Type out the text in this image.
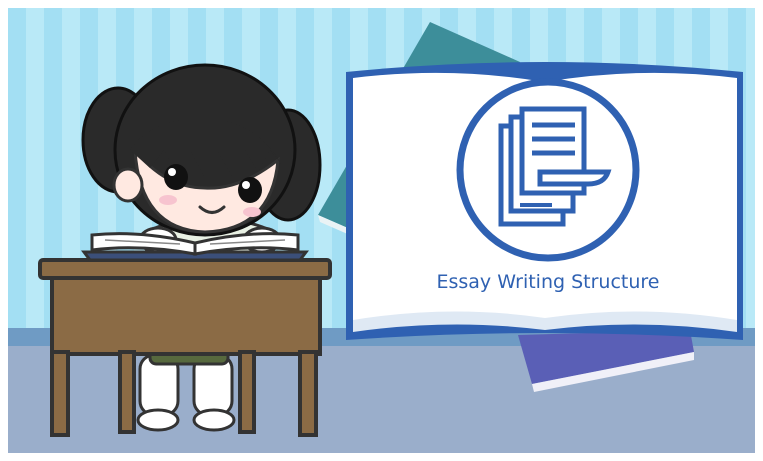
Essay Writing Structure
